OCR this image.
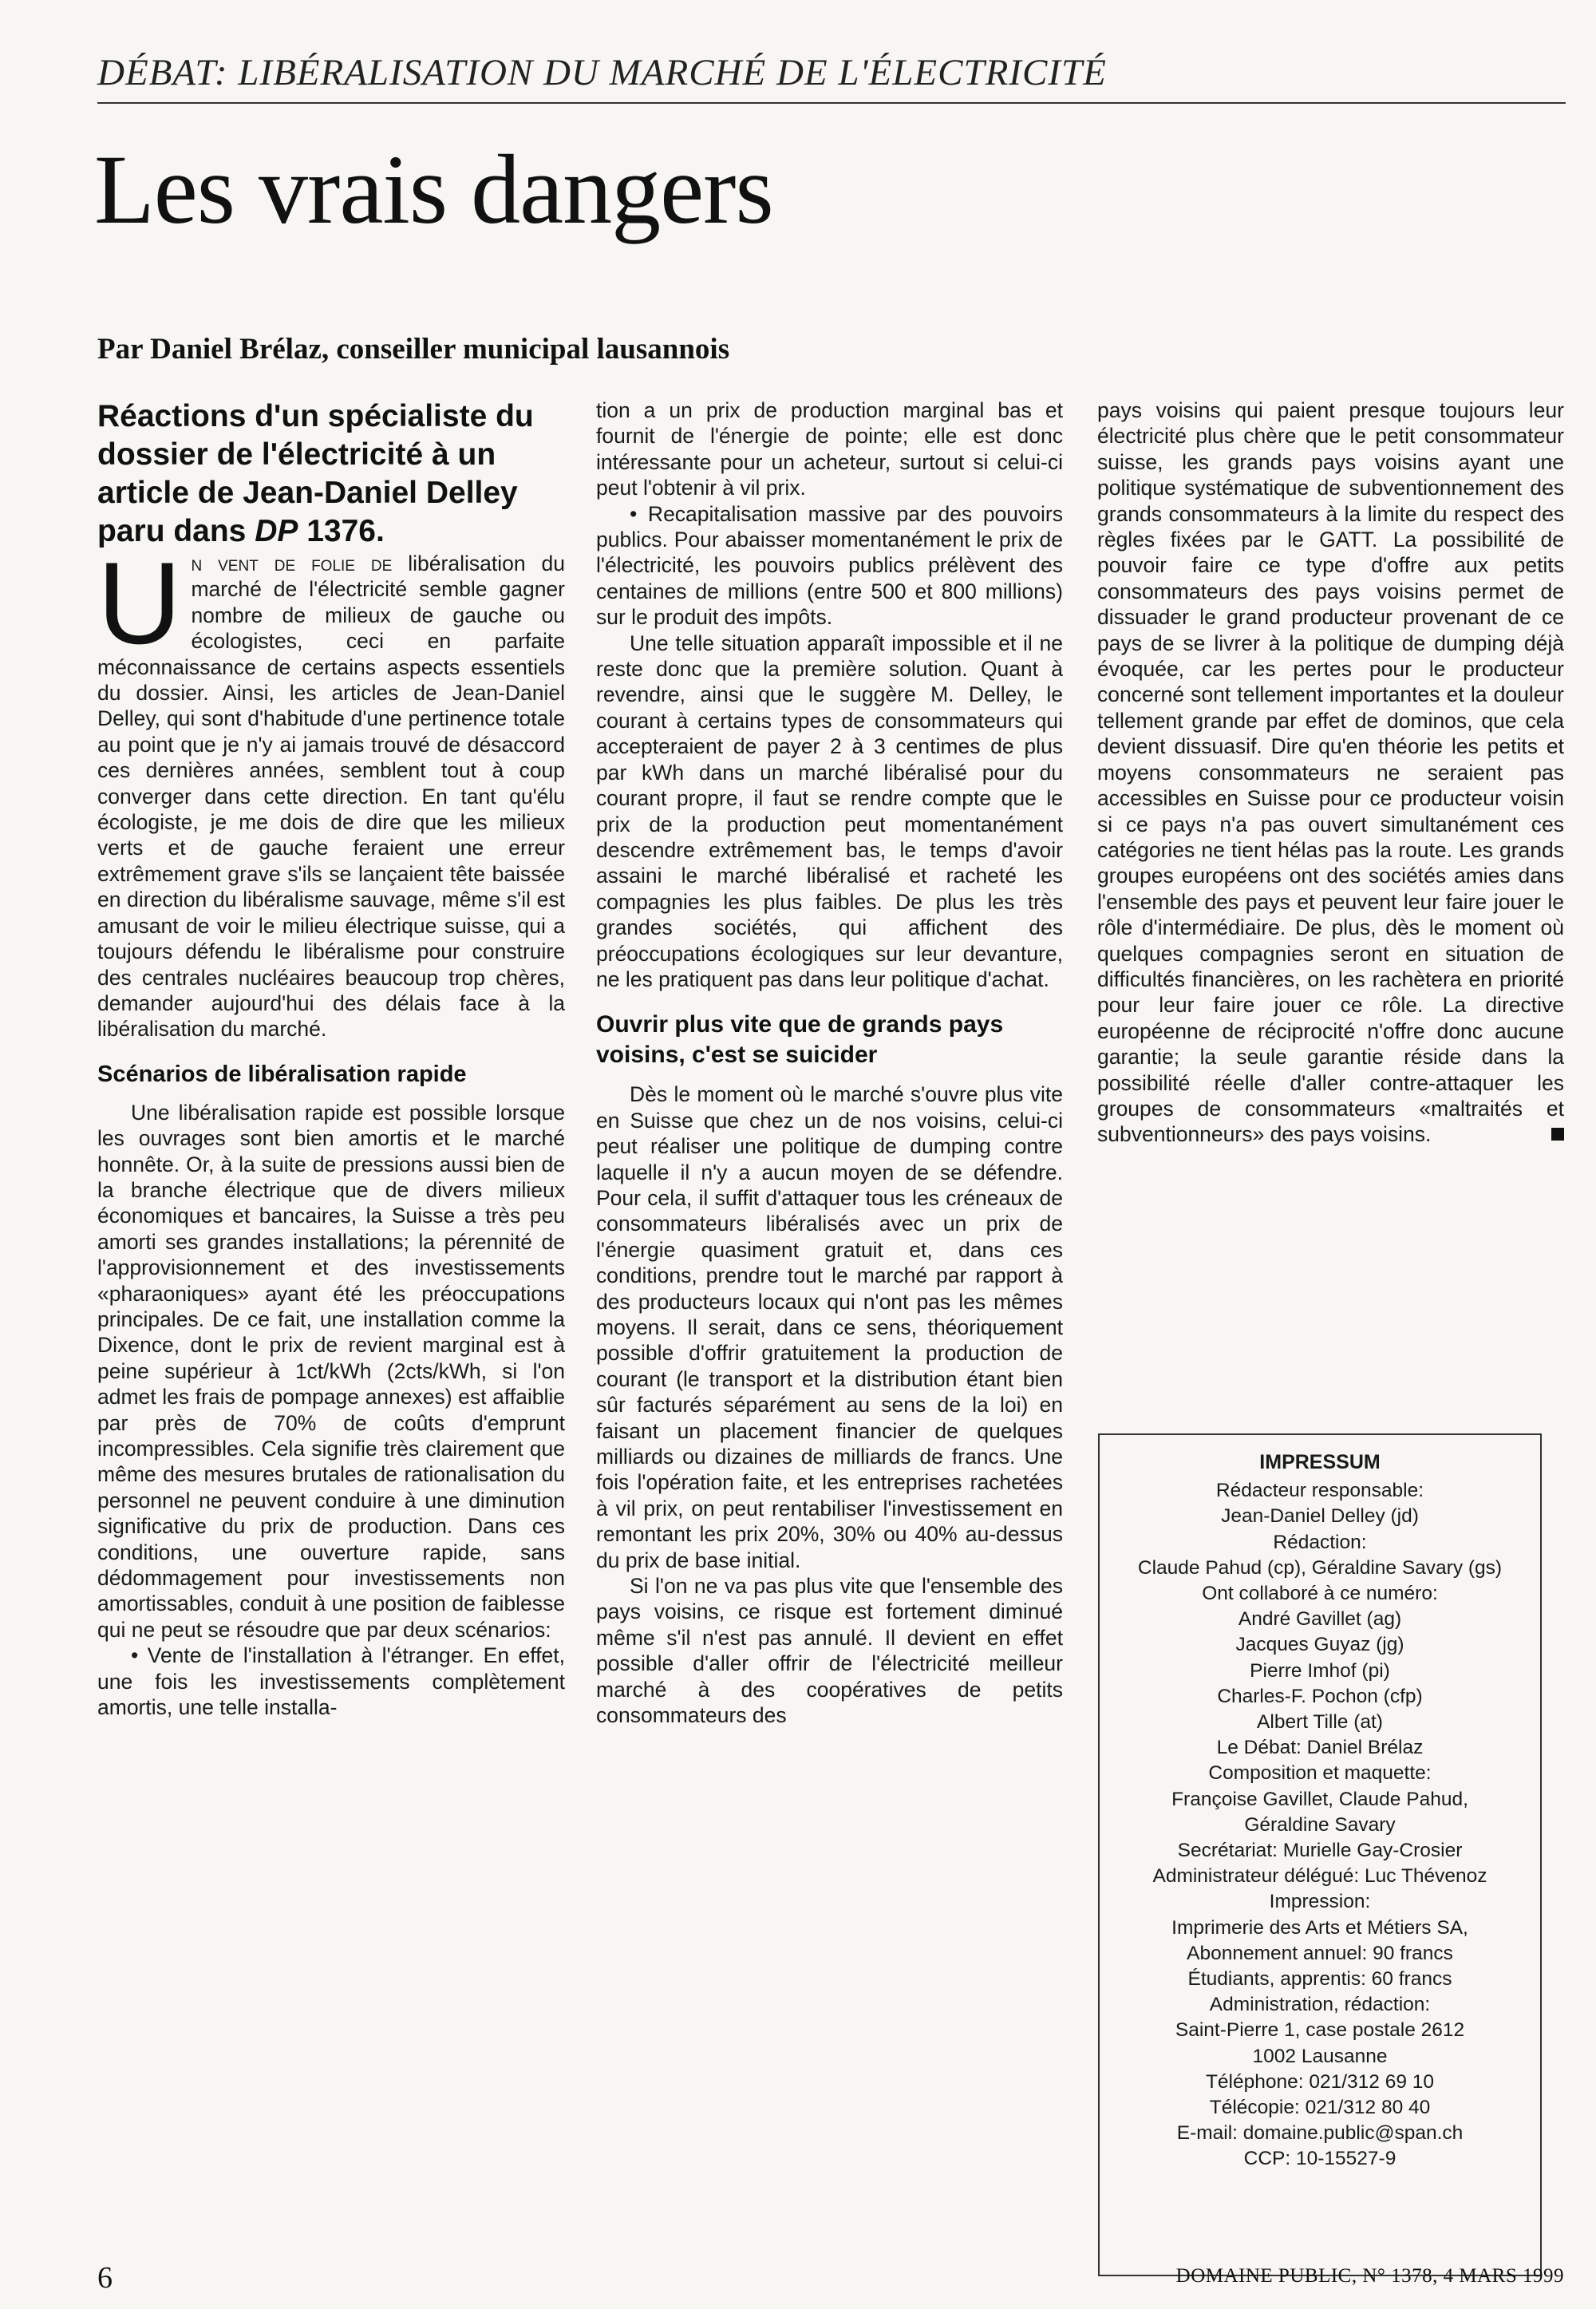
DÉBAT: LIBÉRALISATION DU MARCHÉ DE L'ÉLECTRICITÉ
Les vrais dangers
Par Daniel Brélaz, conseiller municipal lausannois

Réactions d'un spécialiste du dossier de l'électricité à un article de Jean-Daniel Delley paru dans DP 1376.

Un vent de folie de libéralisation du marché de l'électricité semble gagner nombre de milieux de gauche ou écologistes, ceci en parfaite méconnaissance de certains aspects essentiels du dossier. Ainsi, les articles de Jean-Daniel Delley, qui sont d'habitude d'une pertinence totale au point que je n'y ai jamais trouvé de désaccord ces dernières années, semblent tout à coup converger dans cette direction. En tant qu'élu écologiste, je me dois de dire que les milieux verts et de gauche feraient une erreur extrêmement grave s'ils se lançaient tête baissée en direction du libéralisme sauvage, même s'il est amusant de voir le milieu électrique suisse, qui a toujours défendu le libéralisme pour construire des centrales nucléaires beaucoup trop chères, demander aujourd'hui des délais face à la libéralisation du marché.

Scénarios de libéralisation rapide

Une libéralisation rapide est possible lorsque les ouvrages sont bien amortis et le marché honnête. Or, à la suite de pressions aussi bien de la branche électrique que de divers milieux économiques et bancaires, la Suisse a très peu amorti ses grandes installations; la pérennité de l'approvisionnement et des investissements «pharaoniques» ayant été les préoccupations principales. De ce fait, une installation comme la Dixence, dont le prix de revient marginal est à peine supérieur à 1ct/kWh (2cts/kWh, si l'on admet les frais de pompage annexes) est affaiblie par près de 70% de coûts d'emprunt incompressibles. Cela signifie très clairement que même des mesures brutales de rationalisation du personnel ne peuvent conduire à une diminution significative du prix de production. Dans ces conditions, une ouverture rapide, sans dédommagement pour investissements non amortissables, conduit à une position de faiblesse qui ne peut se résoudre que par deux scénarios:

• Vente de l'installation à l'étranger. En effet, une fois les investissements complètement amortis, une telle installa-

tion a un prix de production marginal bas et fournit de l'énergie de pointe; elle est donc intéressante pour un acheteur, surtout si celui-ci peut l'obtenir à vil prix.

• Recapitalisation massive par des pouvoirs publics. Pour abaisser momentanément le prix de l'électricité, les pouvoirs publics prélèvent des centaines de millions (entre 500 et 800 millions) sur le produit des impôts.

Une telle situation apparaît impossible et il ne reste donc que la première solution. Quant à revendre, ainsi que le suggère M. Delley, le courant à certains types de consommateurs qui accepteraient de payer 2 à 3 centimes de plus par kWh dans un marché libéralisé pour du courant propre, il faut se rendre compte que le prix de la production peut momentanément descendre extrêmement bas, le temps d'avoir assaini le marché libéralisé et racheté les compagnies les plus faibles. De plus les très grandes sociétés, qui affichent des préoccupations écologiques sur leur devanture, ne les pratiquent pas dans leur politique d'achat.

Ouvrir plus vite que de grands pays voisins, c'est se suicider

Dès le moment où le marché s'ouvre plus vite en Suisse que chez un de nos voisins, celui-ci peut réaliser une politique de dumping contre laquelle il n'y a aucun moyen de se défendre. Pour cela, il suffit d'attaquer tous les créneaux de consommateurs libéralisés avec un prix de l'énergie quasiment gratuit et, dans ces conditions, prendre tout le marché par rapport à des producteurs locaux qui n'ont pas les mêmes moyens. Il serait, dans ce sens, théoriquement possible d'offrir gratuitement la production de courant (le transport et la distribution étant bien sûr facturés séparément au sens de la loi) en faisant un placement financier de quelques milliards ou dizaines de milliards de francs. Une fois l'opération faite, et les entreprises rachetées à vil prix, on peut rentabiliser l'investissement en remontant les prix 20%, 30% ou 40% au-dessus du prix de base initial.

Si l'on ne va pas plus vite que l'ensemble des pays voisins, ce risque est fortement diminué même s'il n'est pas annulé. Il devient en effet possible d'aller offrir de l'électricité meilleur marché à des coopératives de petits consommateurs des

pays voisins qui paient presque toujours leur électricité plus chère que le petit consommateur suisse, les grands pays voisins ayant une politique systématique de subventionnement des grands consommateurs à la limite du respect des règles fixées par le GATT. La possibilité de pouvoir faire ce type d'offre aux petits consommateurs des pays voisins permet de dissuader le grand producteur provenant de ce pays de se livrer à la politique de dumping déjà évoquée, car les pertes pour le producteur concerné sont tellement importantes et la douleur tellement grande par effet de dominos, que cela devient dissuasif. Dire qu'en théorie les petits et moyens consommateurs ne seraient pas accessibles en Suisse pour ce producteur voisin si ce pays n'a pas ouvert simultanément ces catégories ne tient hélas pas la route. Les grands groupes européens ont des sociétés amies dans l'ensemble des pays et peuvent leur faire jouer le rôle d'intermédiaire. De plus, dès le moment où quelques compagnies seront en situation de difficultés financières, on les rachètera en priorité pour leur faire jouer ce rôle. La directive européenne de réciprocité n'offre donc aucune garantie; la seule garantie réside dans la possibilité réelle d'aller contre-attaquer les groupes de consommateurs «maltraités et subventionneurs» des pays voisins.

IMPRESSUM
Rédacteur responsable:
Jean-Daniel Delley (jd)
Rédaction:
Claude Pahud (cp), Géraldine Savary (gs)
Ont collaboré à ce numéro:
André Gavillet (ag)
Jacques Guyaz (jg)
Pierre Imhof (pi)
Charles-F. Pochon (cfp)
Albert Tille (at)
Le Débat: Daniel Brélaz
Composition et maquette:
Françoise Gavillet, Claude Pahud,
Géraldine Savary
Secrétariat: Murielle Gay-Crosier
Administrateur délégué: Luc Thévenoz
Impression:
Imprimerie des Arts et Métiers SA,
Abonnement annuel: 90 francs
Étudiants, apprentis: 60 francs
Administration, rédaction:
Saint-Pierre 1, case postale 2612
1002 Lausanne
Téléphone: 021/312 69 10
Télécopie: 021/312 80 40
E-mail: domaine.public@span.ch
CCP: 10-15527-9
6	DOMAINE PUBLIC, N° 1378, 4 MARS 1999
